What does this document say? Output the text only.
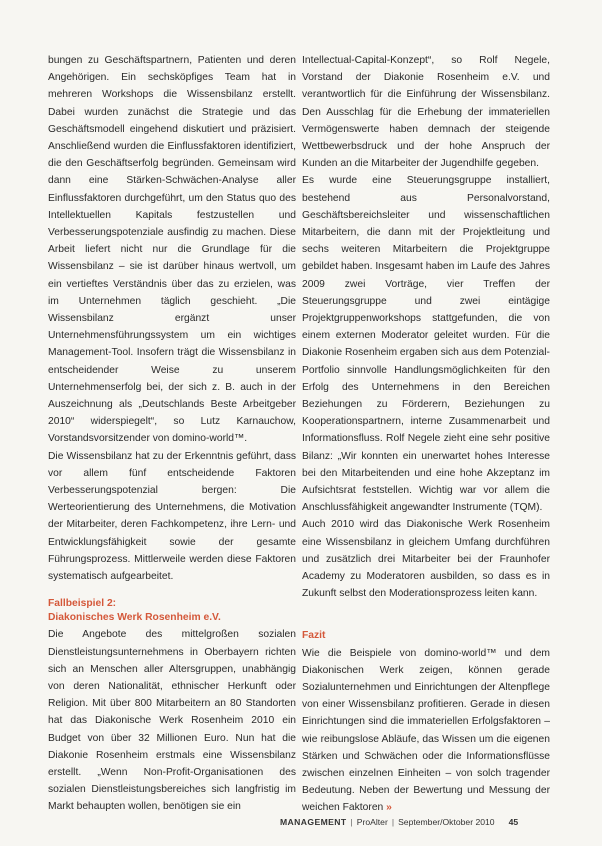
bungen zu Geschäftspartnern, Patienten und deren Angehörigen. Ein sechsköpfiges Team hat in mehreren Workshops die Wissensbilanz erstellt. Dabei wurden zunächst die Strategie und das Geschäftsmodell eingehend diskutiert und präzisiert. Anschließend wurden die Einflussfaktoren identifiziert, die den Geschäftserfolg begründen. Gemeinsam wird dann eine Stärken-Schwächen-Analyse aller Einflussfaktoren durchgeführt, um den Status quo des Intellektuellen Kapitals festzustellen und Verbesserungspotenziale ausfindig zu machen. Diese Arbeit liefert nicht nur die Grundlage für die Wissensbilanz – sie ist darüber hinaus wertvoll, um ein vertieftes Verständnis über das zu erzielen, was im Unternehmen täglich geschieht. „Die Wissensbilanz ergänzt unser Unternehmensführungssystem um ein wichtiges Management-Tool. Insofern trägt die Wissensbilanz in entscheidender Weise zu unserem Unternehmenserfolg bei, der sich z. B. auch in der Auszeichnung als „Deutschlands Beste Arbeitgeber 2010“ widerspiegelt“, so Lutz Karnauchow, Vorstandsvorsitzender von domino-world™.

Die Wissensbilanz hat zu der Erkenntnis geführt, dass vor allem fünf entscheidende Faktoren Verbesserungspotenzial bergen: Die Werteorientierung des Unternehmens, die Motivation der Mitarbeiter, deren Fachkompetenz, ihre Lern- und Entwicklungsfähigkeit sowie der gesamte Führungsprozess. Mittlerweile werden diese Faktoren systematisch aufgearbeitet.

Fallbeispiel 2:

Diakonisches Werk Rosenheim e.V.

Die Angebote des mittelgroßen sozialen Dienstleistungsunternehmens in Oberbayern richten sich an Menschen aller Altersgruppen, unabhängig von deren Nationalität, ethnischer Herkunft oder Religion. Mit über 800 Mitarbeitern an 80 Standorten hat das Diakonische Werk Rosenheim 2010 ein Budget von über 32 Millionen Euro. Nun hat die Diakonie Rosenheim erstmals eine Wissensbilanz erstellt. „Wenn Non-Profit-Organisationen des sozialen Dienstleistungsbereiches sich langfristig im Markt behaupten wollen, benötigen sie ein

Intellectual-Capital-Konzept“, so Rolf Negele, Vorstand der Diakonie Rosenheim e.V. und verantwortlich für die Einführung der Wissensbilanz. Den Ausschlag für die Erhebung der immateriellen Vermögenswerte haben demnach der steigende Wettbewerbsdruck und der hohe Anspruch der Kunden an die Mitarbeiter der Jugendhilfe gegeben.

Es wurde eine Steuerungsgruppe installiert, bestehend aus Personalvorstand, Geschäftsbereichsleiter und wissenschaftlichen Mitarbeitern, die dann mit der Projektleitung und sechs weiteren Mitarbeitern die Projektgruppe gebildet haben. Insgesamt haben im Laufe des Jahres 2009 zwei Vorträge, vier Treffen der Steuerungsgruppe und zwei eintägige Projektgruppenworkshops stattgefunden, die von einem externen Moderator geleitet wurden. Für die Diakonie Rosenheim ergaben sich aus dem Potenzial-Portfolio sinnvolle Handlungsmöglichkeiten für den Erfolg des Unternehmens in den Bereichen Beziehungen zu Förderern, Beziehungen zu Kooperationspartnern, interne Zusammenarbeit und Informationsfluss. Rolf Negele zieht eine sehr positive Bilanz: „Wir konnten ein unerwartet hohes Interesse bei den Mitarbeitenden und eine hohe Akzeptanz im Aufsichtsrat feststellen. Wichtig war vor allem die Anschlussfähigkeit angewandter Instrumente (TQM).

Auch 2010 wird das Diakonische Werk Rosenheim eine Wissensbilanz in gleichem Umfang durchführen und zusätzlich drei Mitarbeiter bei der Fraunhofer Academy zu Moderatoren ausbilden, so dass es in Zukunft selbst den Moderationsprozess leiten kann.

Fazit

Wie die Beispiele von domino-world™ und dem Diakonischen Werk zeigen, können gerade Sozialunternehmen und Einrichtungen der Altenpflege von einer Wissensbilanz profitieren. Gerade in diesen Einrichtungen sind die immateriellen Erfolgsfaktoren – wie reibungslose Abläufe, das Wissen um die eigenen Stärken und Schwächen oder die Informationsflüsse zwischen einzelnen Einheiten – von solch tragender Bedeutung. Neben der Bewertung und Messung der weichen Faktoren »

MANAGEMENT | ProAlter | September/Oktober 2010 45
